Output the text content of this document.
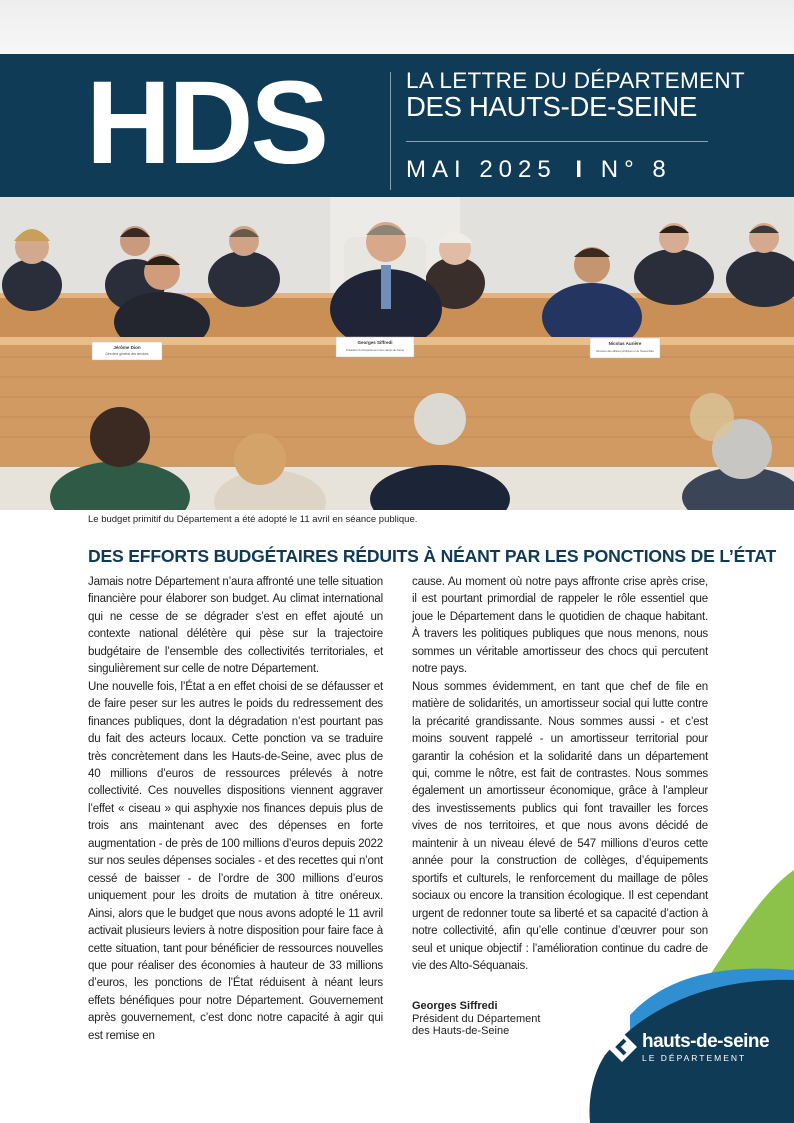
HDS	LA LETTRE DU DÉPARTEMENT
DES HAUTS-DE-SEINE
MAI 2025 I N° 8
Jérôme Dion
Directeur général des services
Georges Siffredi
Président du Département des Hauts-de-Seine
Nicolas Aurière
Directeur des affaires juridiques et de l'Assemblée
Le budget primitif du Département a été adopté le 11 avril en séance publique.
DES EFFORTS BUDGÉTAIRES RÉDUITS À NÉANT PAR LES PONCTIONS DE L’ÉTAT

Jamais notre Département n’aura affronté une telle situation financière pour élaborer son budget. Au climat international qui ne cesse de se dégrader s’est en effet ajouté un contexte national délétère qui pèse sur la trajectoire budgétaire de l’ensemble des collectivités territoriales, et singulièrement sur celle de notre Département.

Une nouvelle fois, l’État a en effet choisi de se défausser et de faire peser sur les autres le poids du redressement des finances publiques, dont la dégradation n’est pourtant pas du fait des acteurs locaux. Cette ponction va se traduire très concrètement dans les Hauts-de-Seine, avec plus de 40 millions d’euros de ressources prélevés à notre collectivité. Ces nouvelles dispositions viennent aggraver l’effet « ciseau » qui asphyxie nos finances depuis plus de trois ans maintenant avec des dépenses en forte augmentation - de près de 100 millions d’euros depuis 2022 sur nos seules dépenses sociales - et des recettes qui n’ont cessé de baisser - de l’ordre de 300 millions d’euros uniquement pour les droits de mutation à titre onéreux. Ainsi, alors que le budget que nous avons adopté le 11 avril activait plusieurs leviers à notre disposition pour faire face à cette situation, tant pour bénéficier de ressources nouvelles que pour réaliser des économies à hauteur de 33 millions d’euros, les ponctions de l’État réduisent à néant leurs effets bénéfiques pour notre Département. Gouvernement après gouvernement, c’est donc notre capacité à agir qui est remise en

cause. Au moment où notre pays affronte crise après crise, il est pourtant primordial de rappeler le rôle essentiel que joue le Département dans le quotidien de chaque habitant. À travers les politiques publiques que nous menons, nous sommes un véritable amortisseur des chocs qui percutent notre pays.

Nous sommes évidemment, en tant que chef de file en matière de solidarités, un amortisseur social qui lutte contre la précarité grandissante. Nous sommes aussi - et c’est moins souvent rappelé - un amortisseur territorial pour garantir la cohésion et la solidarité dans un département qui, comme le nôtre, est fait de contrastes. Nous sommes également un amortisseur économique, grâce à l’ampleur des investissements publics qui font travailler les forces vives de nos territoires, et que nous avons décidé de maintenir à un niveau élevé de 547 millions d’euros cette année pour la construction de collèges, d’équipements sportifs et culturels, le renforcement du maillage de pôles sociaux ou encore la transition écologique. Il est cependant urgent de redonner toute sa liberté et sa capacité d’action à notre collectivité, afin qu’elle continue d’œuvrer pour son seul et unique objectif : l’amélioration continue du cadre de vie des Alto-Séquanais.

Georges Siffredi
Président du Département
des Hauts-de-Seine	hauts-de-seine
LE DÉPARTEMENT
